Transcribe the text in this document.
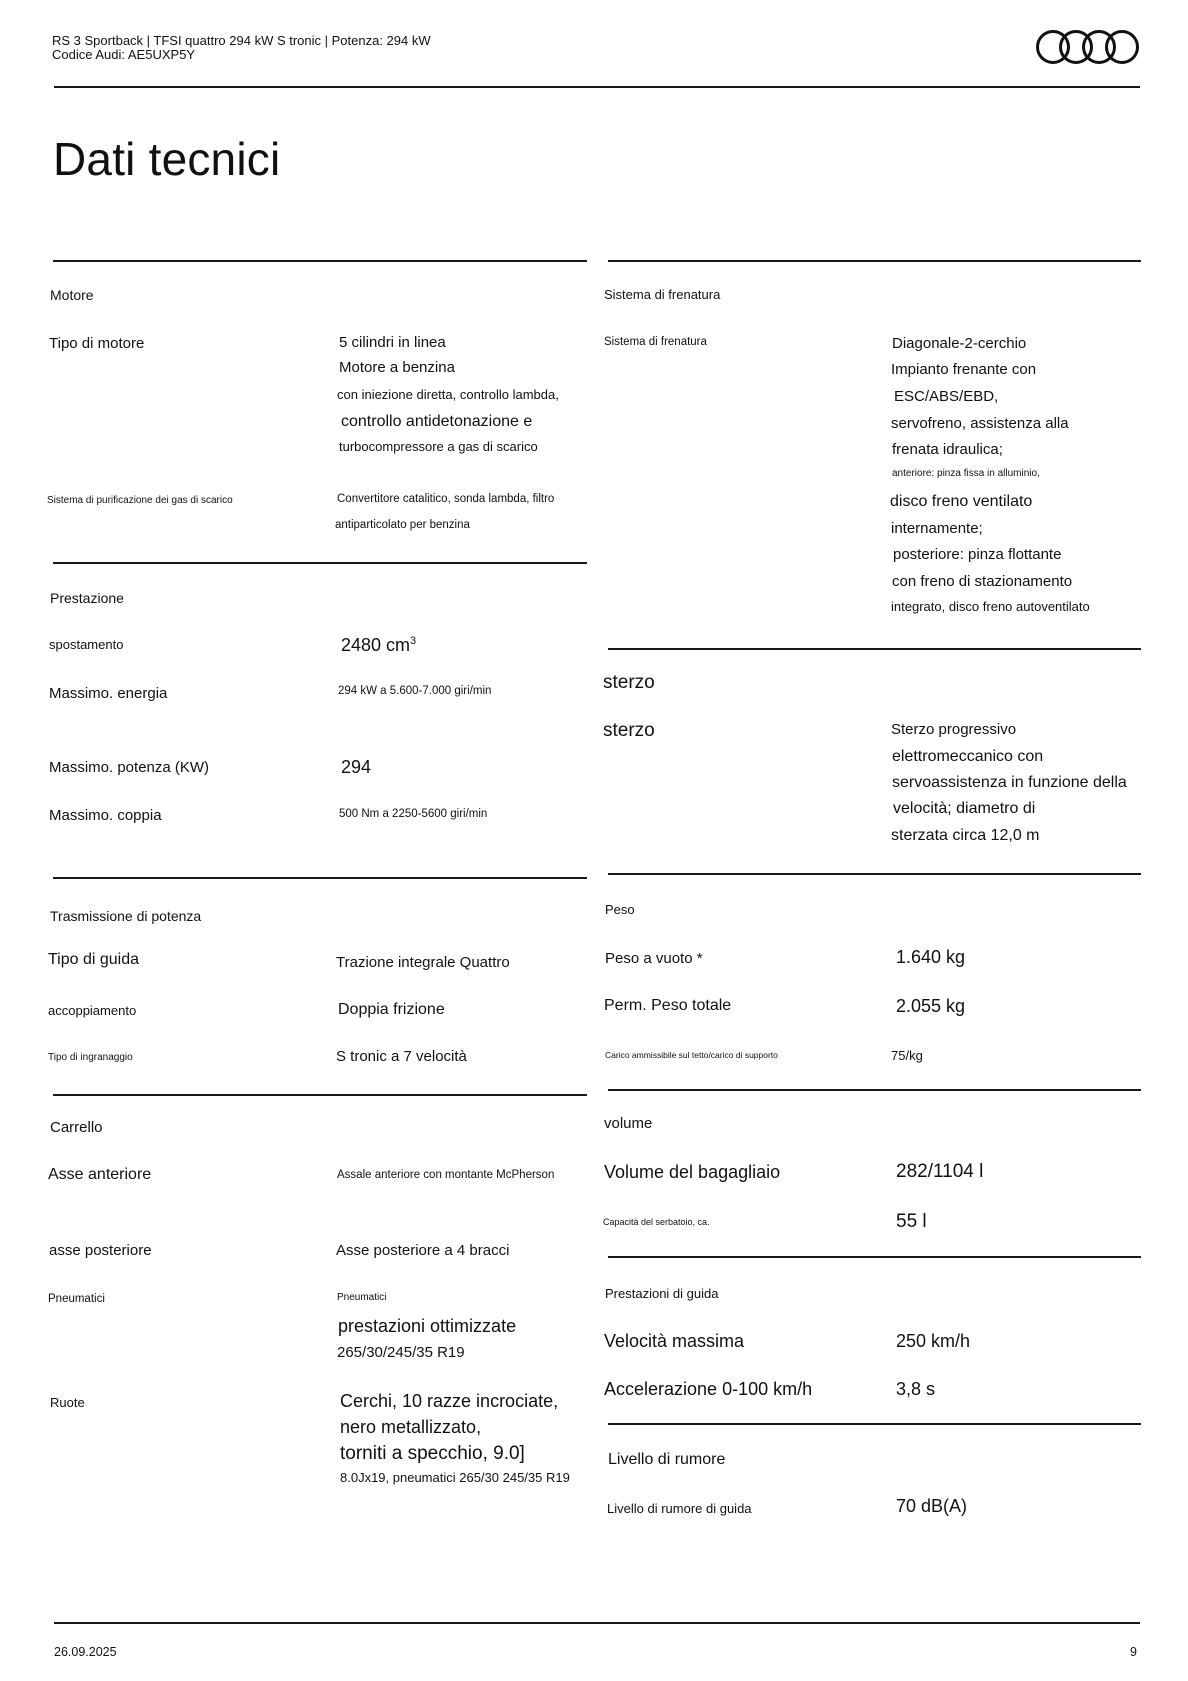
RS 3 Sportback | TFSI quattro 294 kW S tronic | Potenza: 294 kW
Codice Audi: AE5UXP5Y
Dati tecnici
Motore
Tipo di motore	5 cilindri in linea
Motore a benzina
con iniezione diretta, controllo lambda,
controllo antidetonazione e
turbocompressore a gas di scarico
Sistema di purificazione dei gas di scarico	Convertitore catalitico, sonda lambda, filtro
antiparticolato per benzina
Prestazione
spostamento	2480 $cm^3$
Massimo. energia	294 kW a 5.600-7.000 giri/min
Massimo. potenza (KW)	294
Massimo. coppia	500 Nm a 2250-5600 giri/min
Trasmissione di potenza
Tipo di guida	Trazione integrale Quattro
accoppiamento	Doppia frizione
Tipo di ingranaggio	S tronic a 7 velocità
Carrello
Asse anteriore	Assale anteriore con montante McPherson
asse posteriore	Asse posteriore a 4 bracci
Pneumatici	Pneumatici
prestazioni ottimizzate
265/30/245/35 R19
Ruote	Cerchi, 10 razze incrociate,
nero metallizzato,
torniti a specchio, 9.0]
8.0Jx19, pneumatici 265/30 245/35 R19
Sistema di frenatura
Sistema di frenatura	Diagonale-2-cerchio
Impianto frenante con
ESC/ABS/EBD,
servofreno, assistenza alla
frenata idraulica;
anteriore: pinza fissa in alluminio,
disco freno ventilato
internamente;
posteriore: pinza flottante
con freno di stazionamento
integrato, disco freno autoventilato
sterzo
sterzo	Sterzo progressivo
elettromeccanico con
servoassistenza in funzione della
velocità; diametro di
sterzata circa 12,0 m
Peso
Peso a vuoto *	1.640 kg
Perm. Peso totale	2.055 kg
Carico ammissibile sul tetto/carico di supporto	75/kg
volume
Volume del bagagliaio	282/1104 l
Capacità del serbatoio, ca.	55 l
Prestazioni di guida
Velocità massima	250 km/h
Accelerazione 0-100 km/h	3,8 s
Livello di rumore
Livello di rumore di guida	70 dB(A)
26.09.2025	9
